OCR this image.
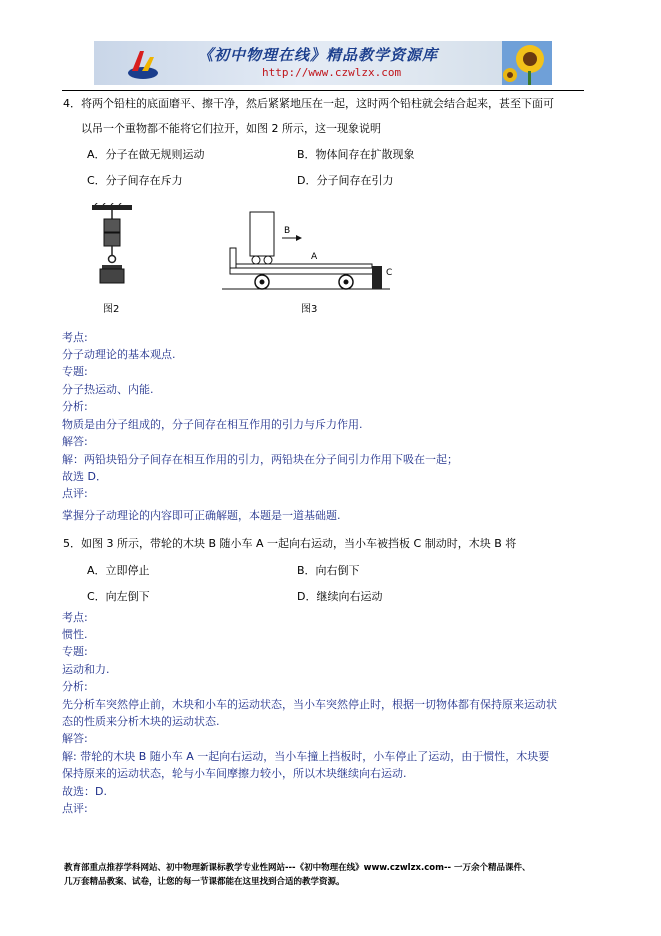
《初中物理在线》精品教学资源库
http://www.czwlzx.com
4．将两个铅柱的底面磨平、擦干净，然后紧紧地压在一起，这时两个铅柱就会结合起来，甚至下面可
以吊一个重物都不能将它们拉开，如图 2 所示，这一现象说明
A．分子在做无规则运动	B．物体间存在扩散现象
C．分子间存在斥力	D．分子间存在引力
图2
B
A
C
图3
考点:
分子动理论的基本观点.
专题:
分子热运动、内能.
分析:
物质是由分子组成的，分子间存在相互作用的引力与斥力作用.
解答:
解：两铅块铅分子间存在相互作用的引力，两铅块在分子间引力作用下吸在一起；
故选 D．
点评:
掌握分子动理论的内容即可正确解题，本题是一道基础题.
5．如图 3 所示，带轮的木块 B 随小车 A 一起向右运动，当小车被挡板 C 制动时，木块 B 将
A．立即停止	B．向右倒下
C．向左倒下	D．继续向右运动
考点:
惯性.
专题:
运动和力.
分析:
先分析车突然停止前，木块和小车的运动状态，当小车突然停止时，根据一切物体都有保持原来运动状
态的性质来分析木块的运动状态.
解答:
解: 带轮的木块 B 随小车 A 一起向右运动，当小车撞上挡板时，小车停止了运动，由于惯性，木块要
保持原来的运动状态，轮与小车间摩擦力较小，所以木块继续向右运动.
故选：D.
点评:
教育部重点推荐学科网站、初中物理新课标教学专业性网站---《初中物理在线》www.czwlzx.com-- 一万余个精品课件、
几万套精品教案、试卷，让您的每一节课都能在这里找到合适的教学资源。
